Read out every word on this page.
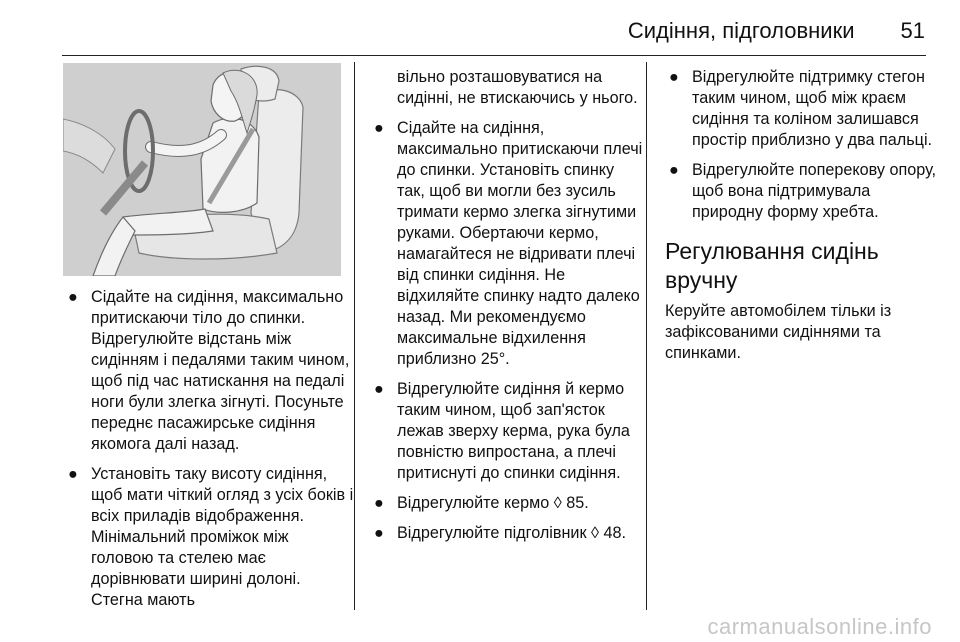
Сидіння, підголовники 51
● Сідайте на сидіння, максимально притискаючи тіло до спинки. Відрегулюйте відстань між сидінням і педалями таким чином, щоб під час натискання на педалі ноги були злегка зігнуті. Посуньте переднє пасажирське сидіння якомога далі назад.
● Установіть таку висоту сидіння, щоб мати чіткий огляд з усіх боків і всіх приладів відображення. Мінімальний проміжок між головою та стелею має дорівнювати ширині долоні. Стегна мають
вільно розташовуватися на сидінні, не втискаючись у нього.
● Сідайте на сидіння, максимально притискаючи плечі до спинки. Установіть спинку так, щоб ви могли без зусиль тримати кермо злегка зігнутими руками. Обертаючи кермо, намагайтеся не відривати плечі від спинки сидіння. Не відхиляйте спинку надто далеко назад. Ми рекомендуємо максимальне відхилення приблизно 25°.
● Відрегулюйте сидіння й кермо таким чином, щоб зап'ясток лежав зверху керма, рука була повністю випростана, а плечі притиснуті до спинки сидіння.
● Відрегулюйте кермо ◊ 85.
● Відрегулюйте підголівник ◊ 48.
● Відрегулюйте підтримку стегон таким чином, щоб між краєм сидіння та коліном залишався простір приблизно у два пальці.
● Відрегулюйте поперекову опору, щоб вона підтримувала природну форму хребта.
Регулювання сидінь вручну

Керуйте автомобілем тільки із зафіксованими сидіннями та спинками.

carmanualsonline.info
